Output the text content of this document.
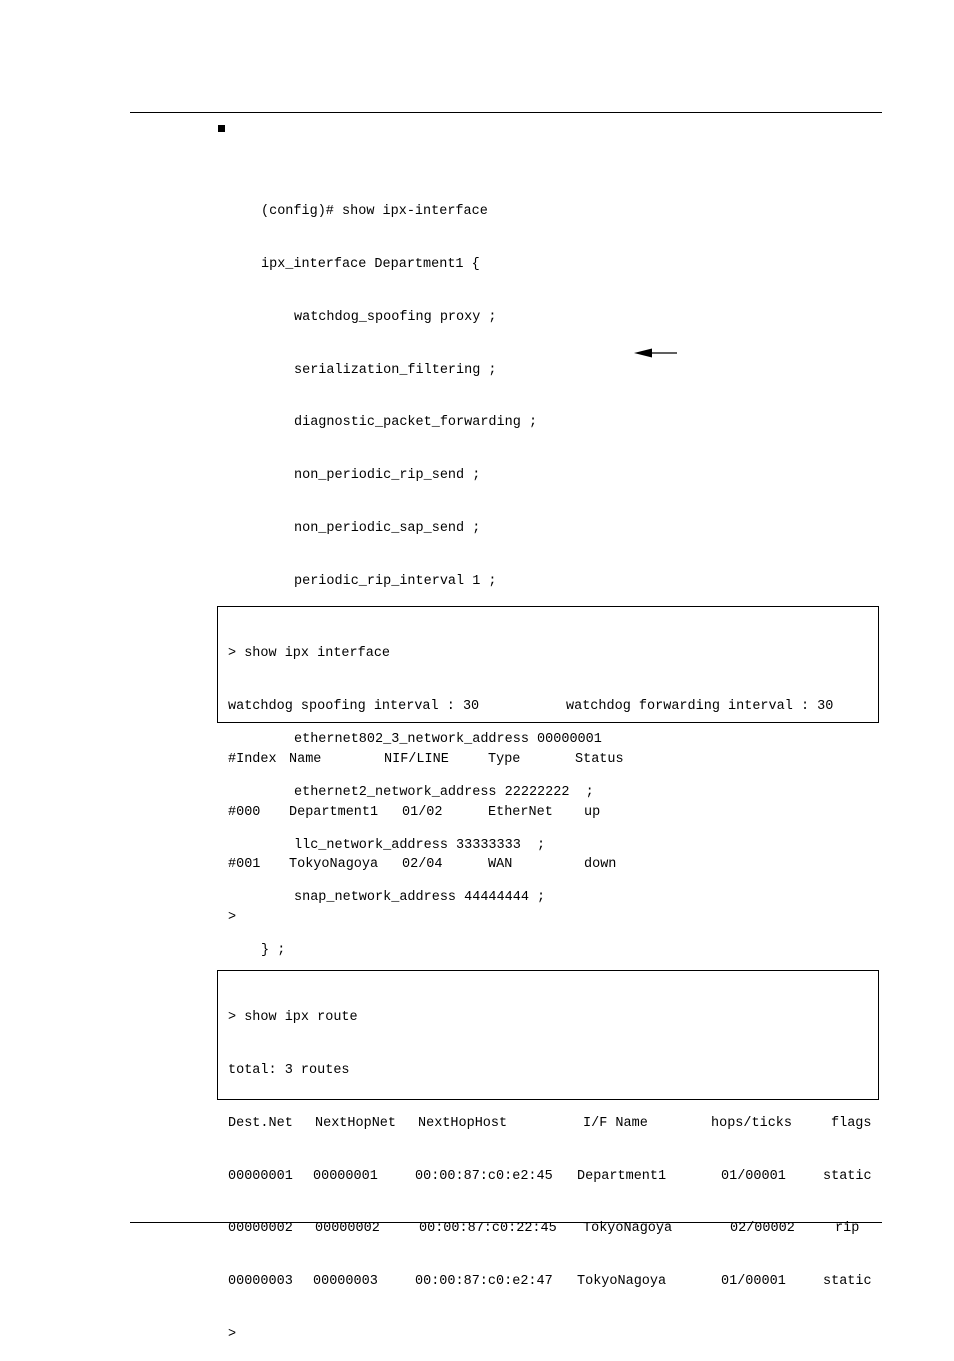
(config)# show ipx-interface

ipx_interface Department1 {

watchdog_spoofing proxy ;

serialization_filtering ;

diagnostic_packet_forwarding ;

non_periodic_rip_send ;

non_periodic_sap_send ;

periodic_rip_interval 1 ;

ethernet802_3_network_address 00000001

ethernet2_network_address 22222222  ;

llc_network_address 33333333  ;

snap_network_address 44444444 ;

} ;

> show ipx interface

watchdog spoofing interval : 30	watchdog forwarding interval : 30

#Index Name	NIF/LINE	Type	Status

#000	Department1	01/02	EtherNet	up

#001	TokyoNagoya	02/04	WAN	down

>

> show ipx route

total: 3 routes

Dest.Net	NextHopNet	NextHopHost	I/F Name	hops/ticks	flags

00000001	00000001	00:00:87:c0:e2:45	Department1	01/00001	static

00000002	00000002	00:00:87:c0:22:45	TokyoNagoya	02/00002	rip

00000003	00000003	00:00:87:c0:e2:47	TokyoNagoya	01/00001	static

>
